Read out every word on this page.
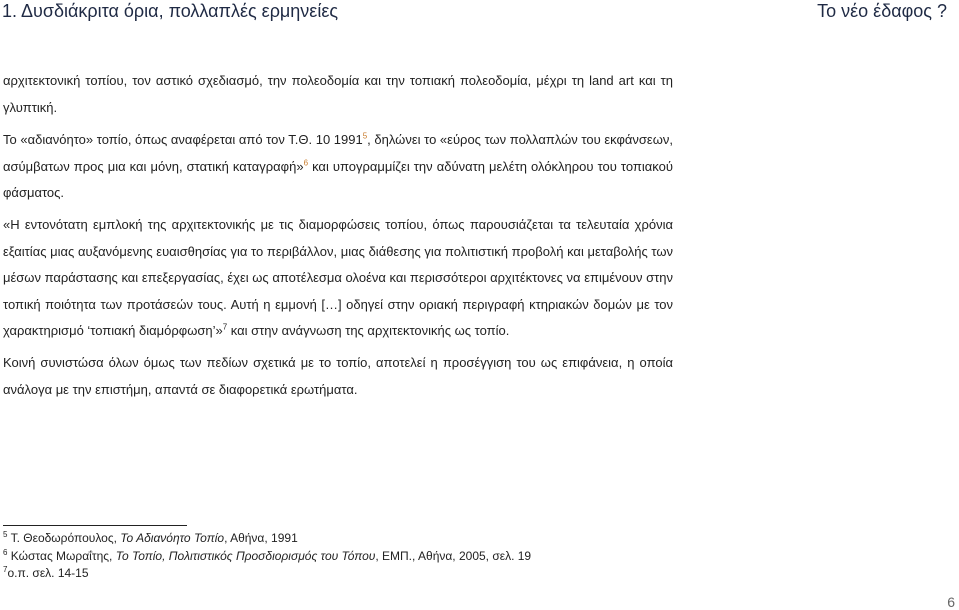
1. Δυσδιάκριτα όρια, πολλαπλές ερμηνείες	Το νέο έδαφος ?

αρχιτεκτονική τοπίου, τον αστικό σχεδιασμό, την πολεοδομία και την τοπιακή πολεοδομία, μέχρι τη land art και τη γλυπτική.

Το «αδιανόητο» τοπίο, όπως αναφέρεται από τον Τ.Θ. 10 1991$^5$, δηλώνει το «εύρος των πολλαπλών του εκφάνσεων, ασύμβατων προς μια και μόνη, στατική καταγραφή»$^6$ και υπογραμμίζει την αδύνατη μελέτη ολόκληρου του τοπιακού φάσματος.

«Η εντονότατη εμπλοκή της αρχιτεκτονικής με τις διαμορφώσεις τοπίου, όπως παρουσιάζεται τα τελευταία χρόνια εξαιτίας μιας αυξανόμενης ευαισθησίας για το περιβάλλον, μιας διάθεσης για πολιτιστική προβολή και μεταβολής των μέσων παράστασης και επεξεργασίας, έχει ως αποτέλεσμα ολοένα και περισσότεροι αρχιτέκτονες να επιμένουν στην τοπική ποιότητα των προτάσεών τους. Αυτή η εμμονή […] οδηγεί στην οριακή περιγραφή κτηριακών δομών με τον χαρακτηρισμό ‘τοπιακή διαμόρφωση’»$^7$ και στην ανάγνωση της αρχιτεκτονικής ως τοπίο.

Κοινή συνιστώσα όλων όμως των πεδίων σχετικά με το τοπίο, αποτελεί η προσέγγιση του ως επιφάνεια, η οποία ανάλογα με την επιστήμη, απαντά σε διαφορετικά ερωτήματα.

$^5$ Τ. Θεοδωρόπουλος, Το Αδιανόητο Τοπίο, Αθήνα, 1991
$^6$ Κώστας Μωραΐτης, Το Τοπίο, Πολιτιστικός Προσδιορισμός του Τόπου, ΕΜΠ., Αθήνα, 2005, σελ. 19
$^7$ο.π. σελ. 14-15
6
